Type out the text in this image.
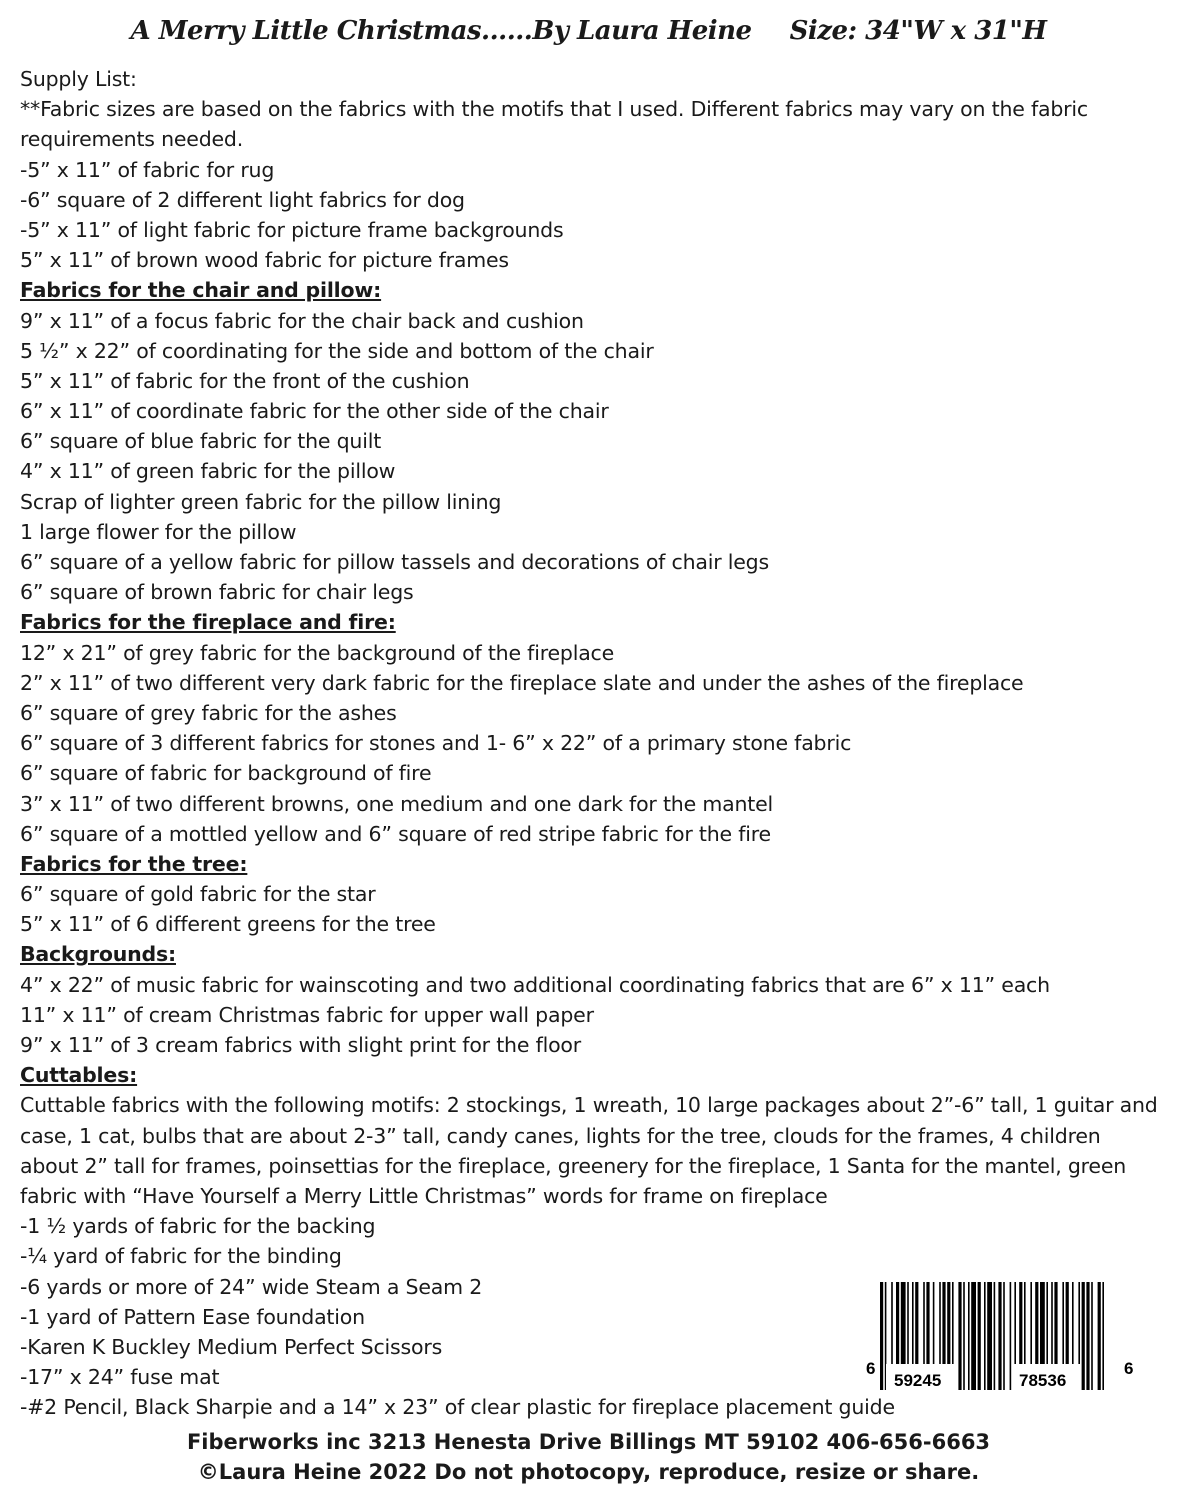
A Merry Little Christmas......By Laura Heine Size: 34"W x 31"H
Supply List:
**Fabric sizes are based on the fabrics with the motifs that I used. Different fabrics may vary on the fabric requirements needed.
-5” x 11” of fabric for rug
-6” square of 2 different light fabrics for dog
-5” x 11” of light fabric for picture frame backgrounds
5” x 11” of brown wood fabric for picture frames
Fabrics for the chair and pillow:
9” x 11” of a focus fabric for the chair back and cushion
5 ½” x 22” of coordinating for the side and bottom of the chair
5” x 11” of fabric for the front of the cushion
6” x 11” of coordinate fabric for the other side of the chair
6” square of blue fabric for the quilt
4” x 11” of green fabric for the pillow
Scrap of lighter green fabric for the pillow lining
1 large flower for the pillow
6” square of a yellow fabric for pillow tassels and decorations of chair legs
6” square of brown fabric for chair legs
Fabrics for the fireplace and fire:
12” x 21” of grey fabric for the background of the fireplace
2” x 11” of two different very dark fabric for the fireplace slate and under the ashes of the fireplace
6” square of grey fabric for the ashes
6” square of 3 different fabrics for stones and 1- 6” x 22” of a primary stone fabric
6” square of fabric for background of fire
3” x 11” of two different browns, one medium and one dark for the mantel
6” square of a mottled yellow and 6” square of red stripe fabric for the fire
Fabrics for the tree:
6” square of gold fabric for the star
5” x 11” of 6 different greens for the tree
Backgrounds:
4” x 22” of music fabric for wainscoting and two additional coordinating fabrics that are 6” x 11” each
11” x 11” of cream Christmas fabric for upper wall paper
9” x 11” of 3 cream fabrics with slight print for the floor
Cuttables:
Cuttable fabrics with the following motifs: 2 stockings, 1 wreath, 10 large packages about 2”-6” tall, 1 guitar and case, 1 cat, bulbs that are about 2-3” tall, candy canes, lights for the tree, clouds for the frames, 4 children about 2” tall for frames, poinsettias for the fireplace, greenery for the fireplace, 1 Santa for the mantel, green fabric with “Have Yourself a Merry Little Christmas” words for frame on fireplace
-1 ½ yards of fabric for the backing
-¼ yard of fabric for the binding
-6 yards or more of 24” wide Steam a Seam 2
-1 yard of Pattern Ease foundation
-Karen K Buckley Medium Perfect Scissors
-17” x 24” fuse mat
-#2 Pencil, Black Sharpie and a 14” x 23” of clear plastic for fireplace placement guide
6
59245	78536
6
Fiberworks inc 3213 Henesta Drive Billings MT 59102 406-656-6663
©Laura Heine 2022 Do not photocopy, reproduce, resize or share.
